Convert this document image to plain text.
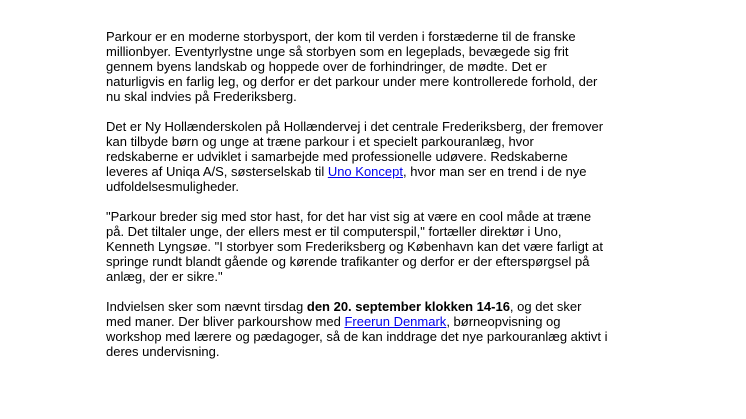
Parkour er en moderne storbysport, der kom til verden i forstæderne til de franske
millionbyer. Eventyrlystne unge så storbyen som en legeplads, bevægede sig frit
gennem byens landskab og hoppede over de forhindringer, de mødte. Det er
naturligvis en farlig leg, og derfor er det parkour under mere kontrollerede forhold, der
nu skal indvies på Frederiksberg.

Det er Ny Hollænderskolen på Hollændervej i det centrale Frederiksberg, der fremover
kan tilbyde børn og unge at træne parkour i et specielt parkouranlæg, hvor
redskaberne er udviklet i samarbejde med professionelle udøvere. Redskaberne
leveres af Uniqa A/S, søsterselskab til Uno Koncept, hvor man ser en trend i de nye
udfoldelsesmuligheder.

"Parkour breder sig med stor hast, for det har vist sig at være en cool måde at træne
på. Det tiltaler unge, der ellers mest er til computerspil," fortæller direktør i Uno,
Kenneth Lyngsøe. "I storbyer som Frederiksberg og København kan det være farligt at
springe rundt blandt gående og kørende trafikanter og derfor er der efterspørgsel på
anlæg, der er sikre."

Indvielsen sker som nævnt tirsdag den 20. september klokken 14-16, og det sker
med maner. Der bliver parkourshow med Freerun Denmark, børneopvisning og
workshop med lærere og pædagoger, så de kan inddrage det nye parkouranlæg aktivt i
deres undervisning.
